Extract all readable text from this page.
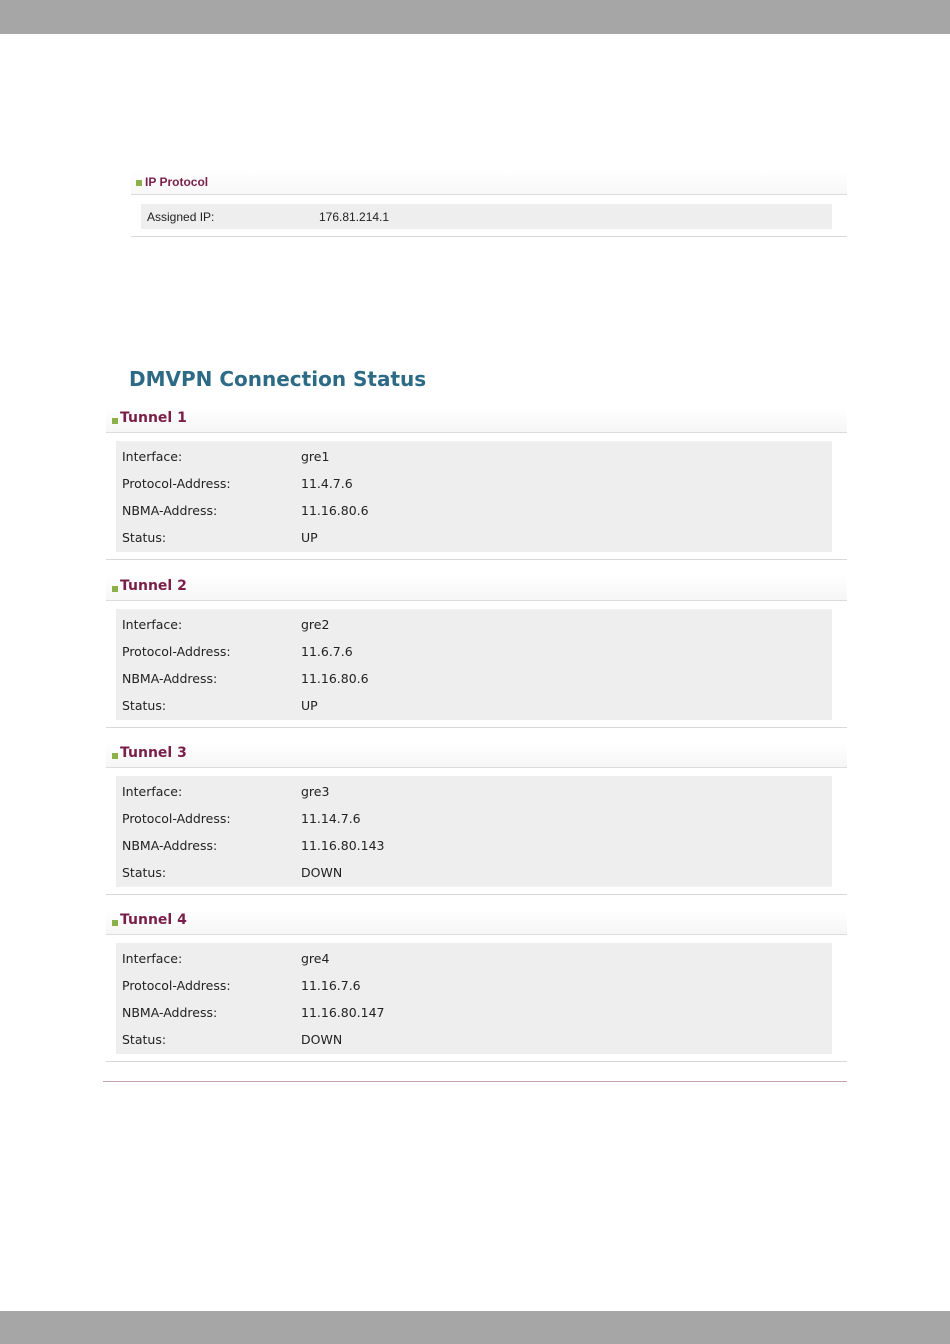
IP Protocol
Assigned IP:	176.81.214.1
DMVPN Connection Status
Tunnel 1
Interface:	gre1
Protocol-Address:	11.4.7.6
NBMA-Address:	11.16.80.6
Status:	UP
Tunnel 2
Interface:	gre2
Protocol-Address:	11.6.7.6
NBMA-Address:	11.16.80.6
Status:	UP
Tunnel 3
Interface:	gre3
Protocol-Address:	11.14.7.6
NBMA-Address:	11.16.80.143
Status:	DOWN
Tunnel 4
Interface:	gre4
Protocol-Address:	11.16.7.6
NBMA-Address:	11.16.80.147
Status:	DOWN
